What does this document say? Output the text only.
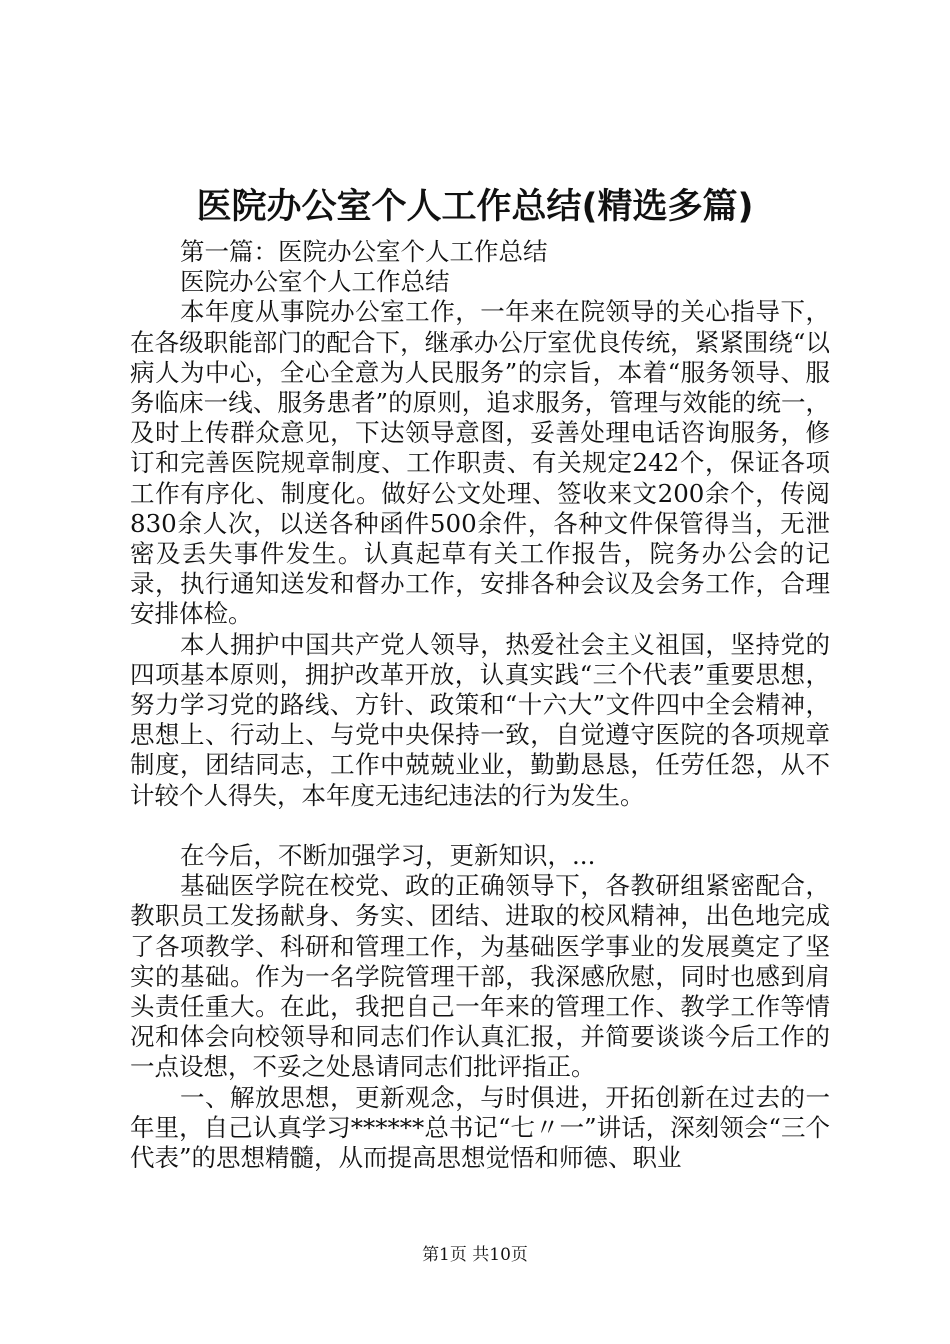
医院办公室个人工作总结(精选多篇)

第一篇：医院办公室个人工作总结

医院办公室个人工作总结

本年度从事院办公室工作，一年来在院领导的关心指导下，在各级职能部门的配合下，继承办公厅室优良传统，紧紧围绕“以病人为中心，全心全意为人民服务”的宗旨，本着“服务领导、服务临床一线、服务患者”的原则，追求服务，管理与效能的统一，及时上传群众意见，下达领导意图，妥善处理电话咨询服务，修订和完善医院规章制度、工作职责、有关规定242个，保证各项工作有序化、制度化。做好公文处理、签收来文200余个，传阅830余人次，以送各种函件500余件，各种文件保管得当，无泄密及丢失事件发生。认真起草有关工作报告，院务办公会的记录，执行通知送发和督办工作，安排各种会议及会务工作，合理安排体检。

本人拥护中国共产党人领导，热爱社会主义祖国，坚持党的四项基本原则，拥护改革开放，认真实践“三个代表”重要思想，努力学习党的路线、方针、政策和“十六大”文件四中全会精神，思想上、行动上、与党中央保持一致，自觉遵守医院的各项规章制度，团结同志，工作中兢兢业业，勤勤恳恳，任劳任怨，从不计较个人得失，本年度无违纪违法的行为发生。

在今后，不断加强学习，更新知识，...

基础医学院在校党、政的正确领导下，各教研组紧密配合，教职员工发扬献身、务实、团结、进取的校风精神，出色地完成了各项教学、科研和管理工作，为基础医学事业的发展奠定了坚实的基础。作为一名学院管理干部，我深感欣慰，同时也感到肩头责任重大。在此，我把自己一年来的管理工作、教学工作等情况和体会向校领导和同志们作认真汇报，并简要谈谈今后工作的一点设想，不妥之处恳请同志们批评指正。

一、解放思想，更新观念，与时俱进，开拓创新在过去的一年里，自己认真学习******总书记“七〃一”讲话，深刻领会“三个代表”的思想精髓，从而提高思想觉悟和师德、职业

第1页 共10页
